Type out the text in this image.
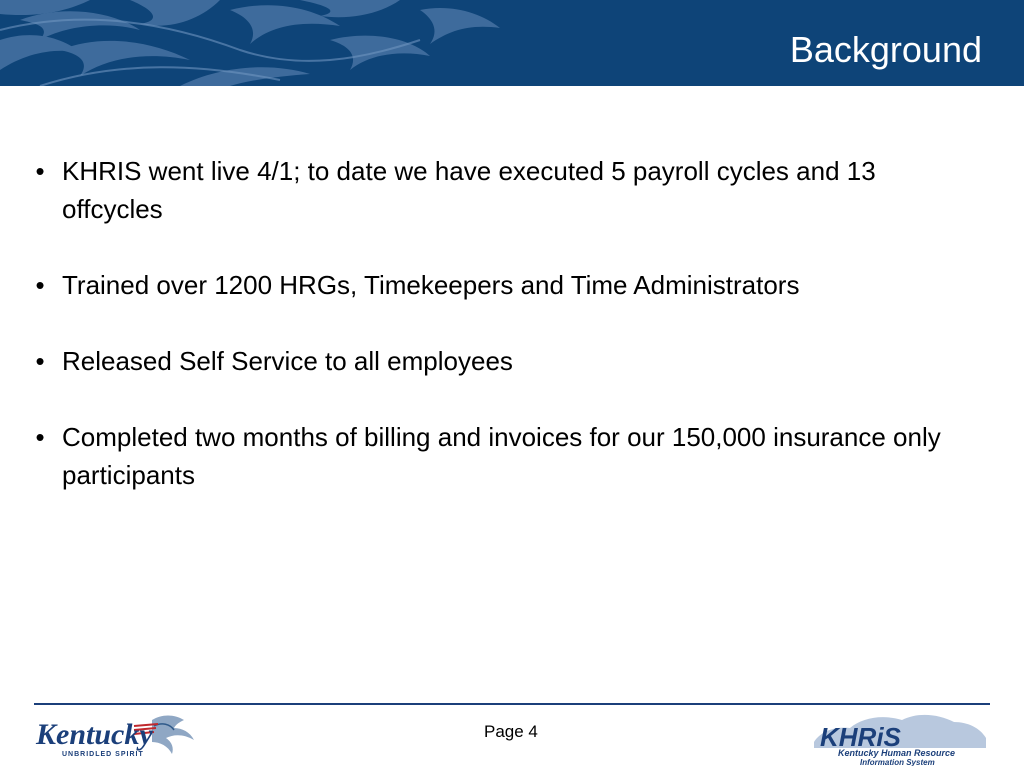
Background
• KHRIS went live 4/1; to date we have executed 5 payroll cycles and 13 offcycles
• Trained over 1200 HRGs, Timekeepers and Time Administrators
• Released Self Service to all employees
• Completed two months of billing and invoices for our 150,000 insurance only participants
Kentucky
UNBRIDLED SPIRIT
Page 4	KHRiS
Kentucky Human Resource
Information System
